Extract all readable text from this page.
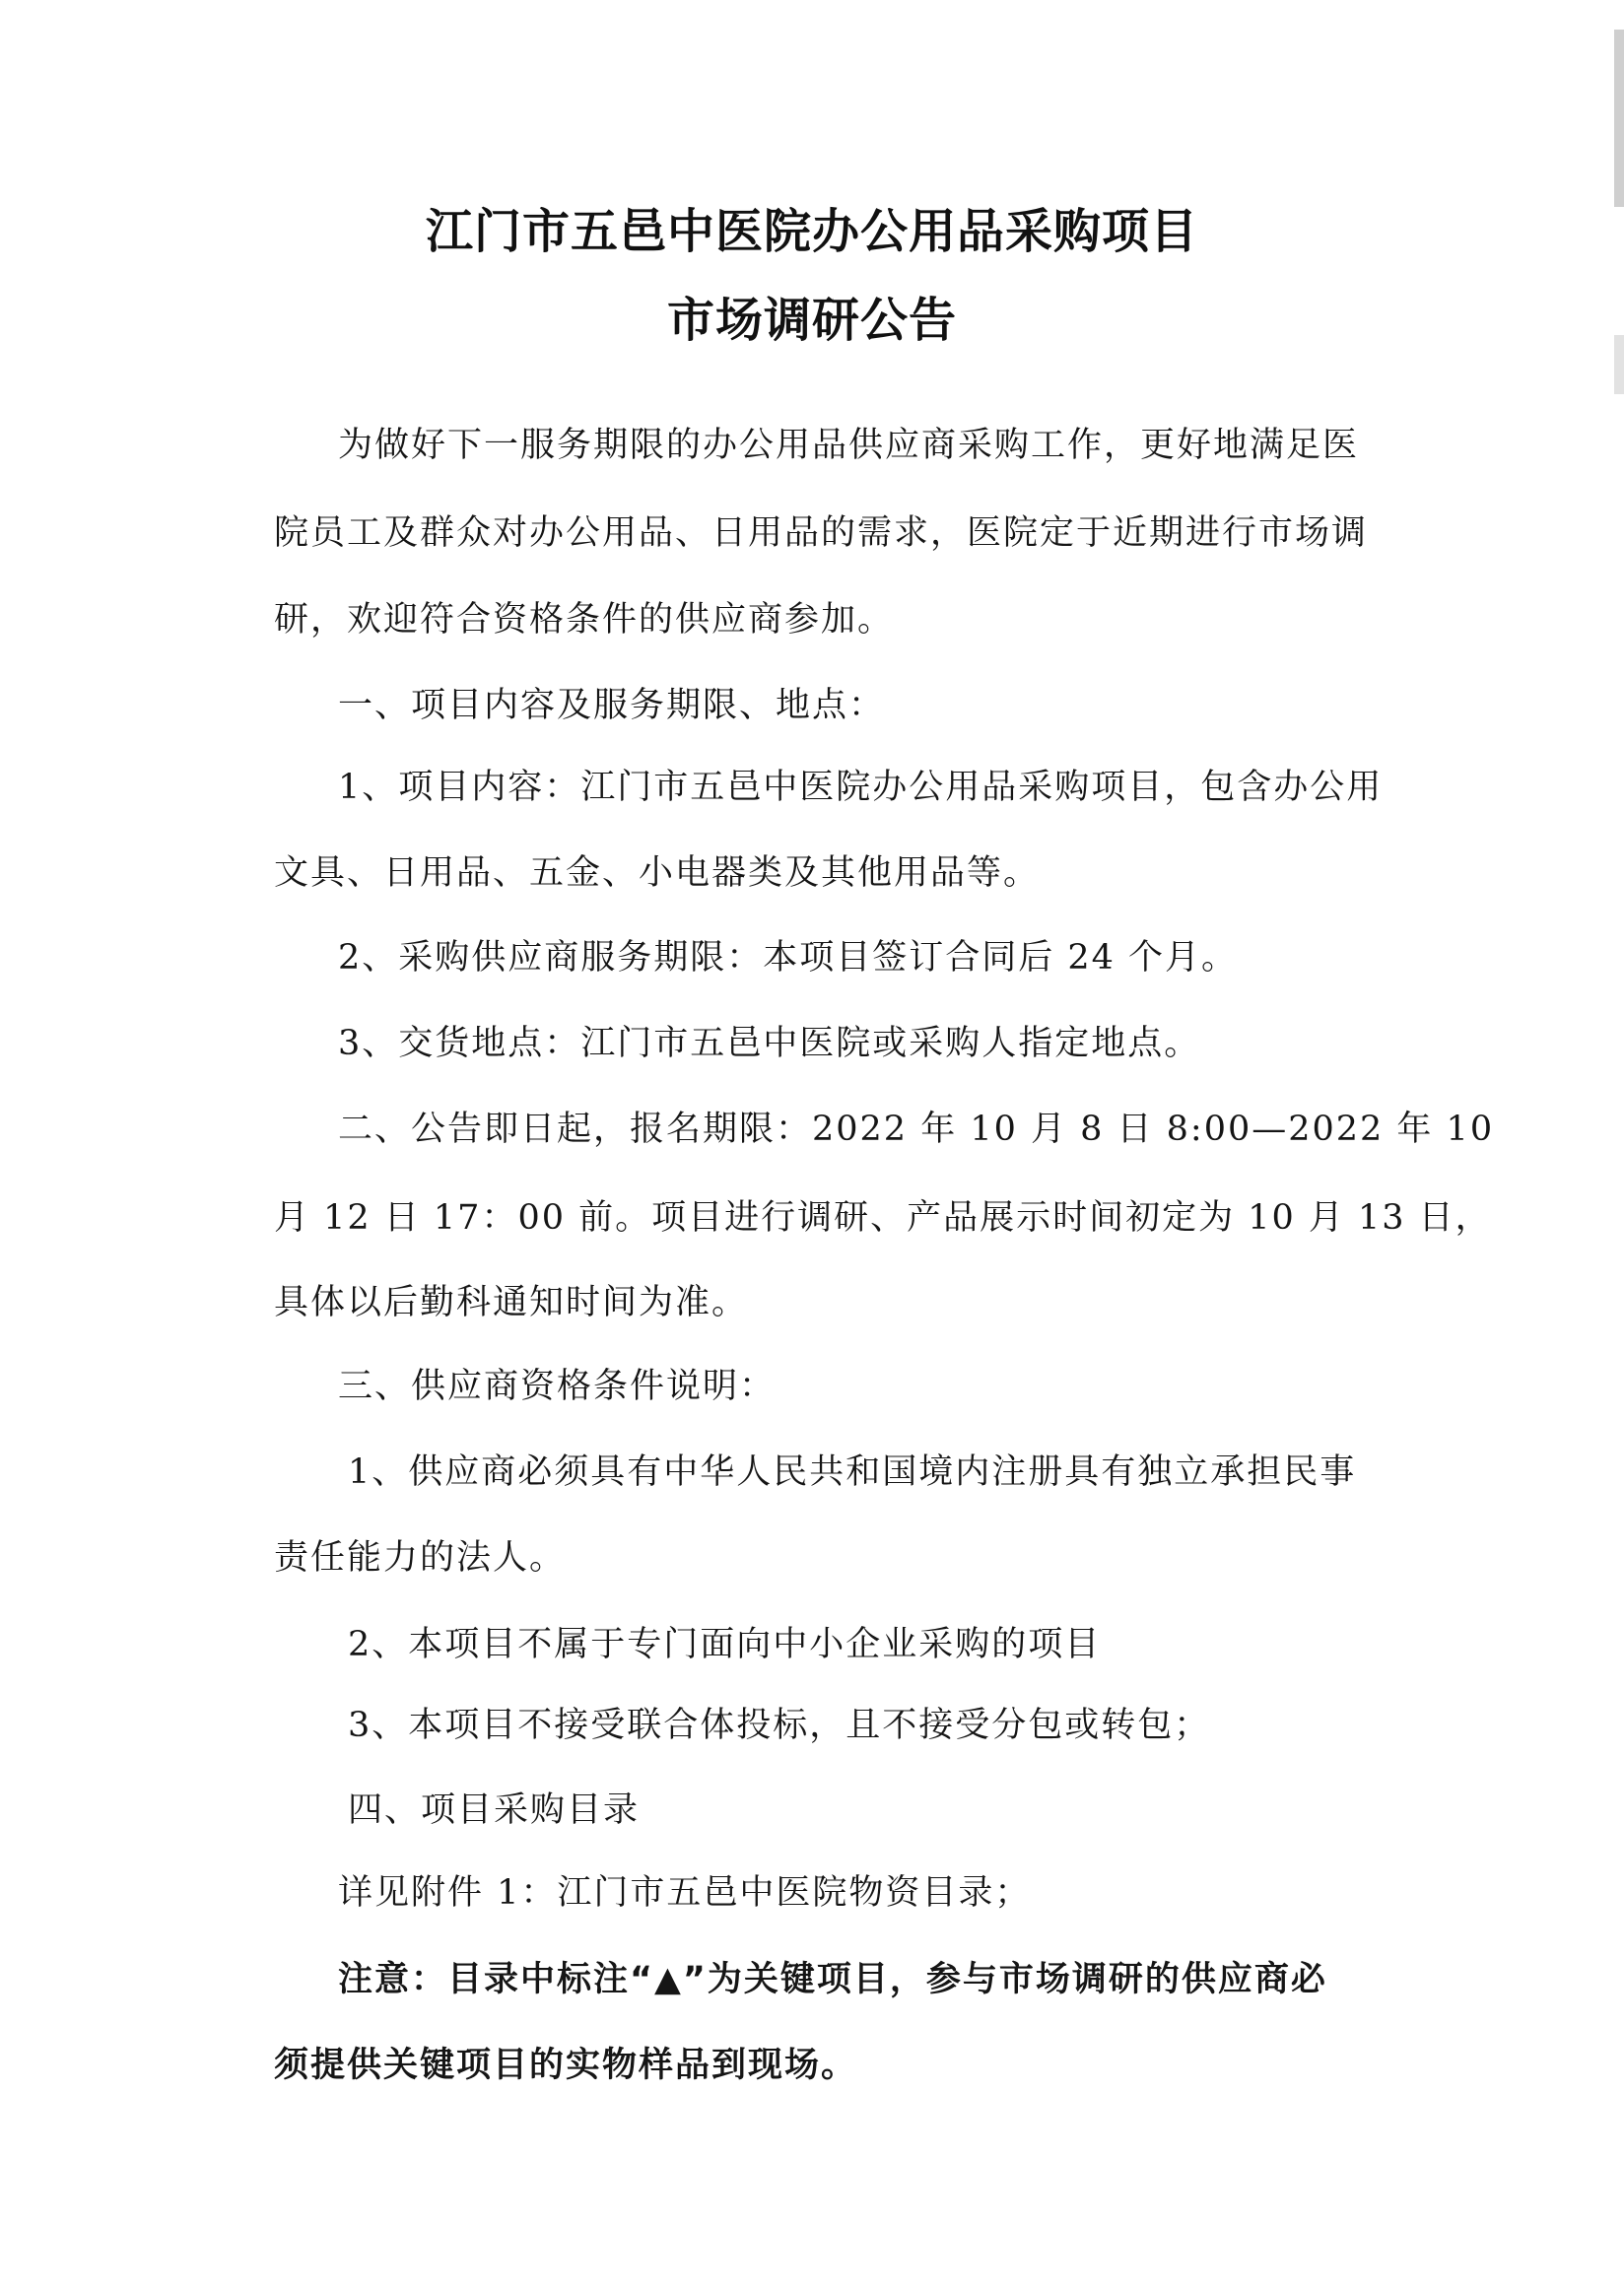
江门市五邑中医院办公用品采购项目
市场调研公告
为做好下一服务期限的办公用品供应商采购工作，更好地满足医
院员工及群众对办公用品、日用品的需求，医院定于近期进行市场调
研，欢迎符合资格条件的供应商参加。
一、项目内容及服务期限、地点：
1、项目内容：江门市五邑中医院办公用品采购项目，包含办公用
文具、日用品、五金、小电器类及其他用品等。
2、采购供应商服务期限：本项目签订合同后 24 个月。
3、交货地点：江门市五邑中医院或采购人指定地点。
二、公告即日起，报名期限：2022 年 10 月 8 日 8:00—2022 年 10
月 12 日 17：00 前。项目进行调研、产品展示时间初定为 10 月 13 日，
具体以后勤科通知时间为准。
三、供应商资格条件说明：
1、供应商必须具有中华人民共和国境内注册具有独立承担民事
责任能力的法人。
2、本项目不属于专门面向中小企业采购的项目
3、本项目不接受联合体投标，且不接受分包或转包；
四、项目采购目录
详见附件 1：江门市五邑中医院物资目录；
注意：目录中标注“▲”为关键项目，参与市场调研的供应商必
须提供关键项目的实物样品到现场。
